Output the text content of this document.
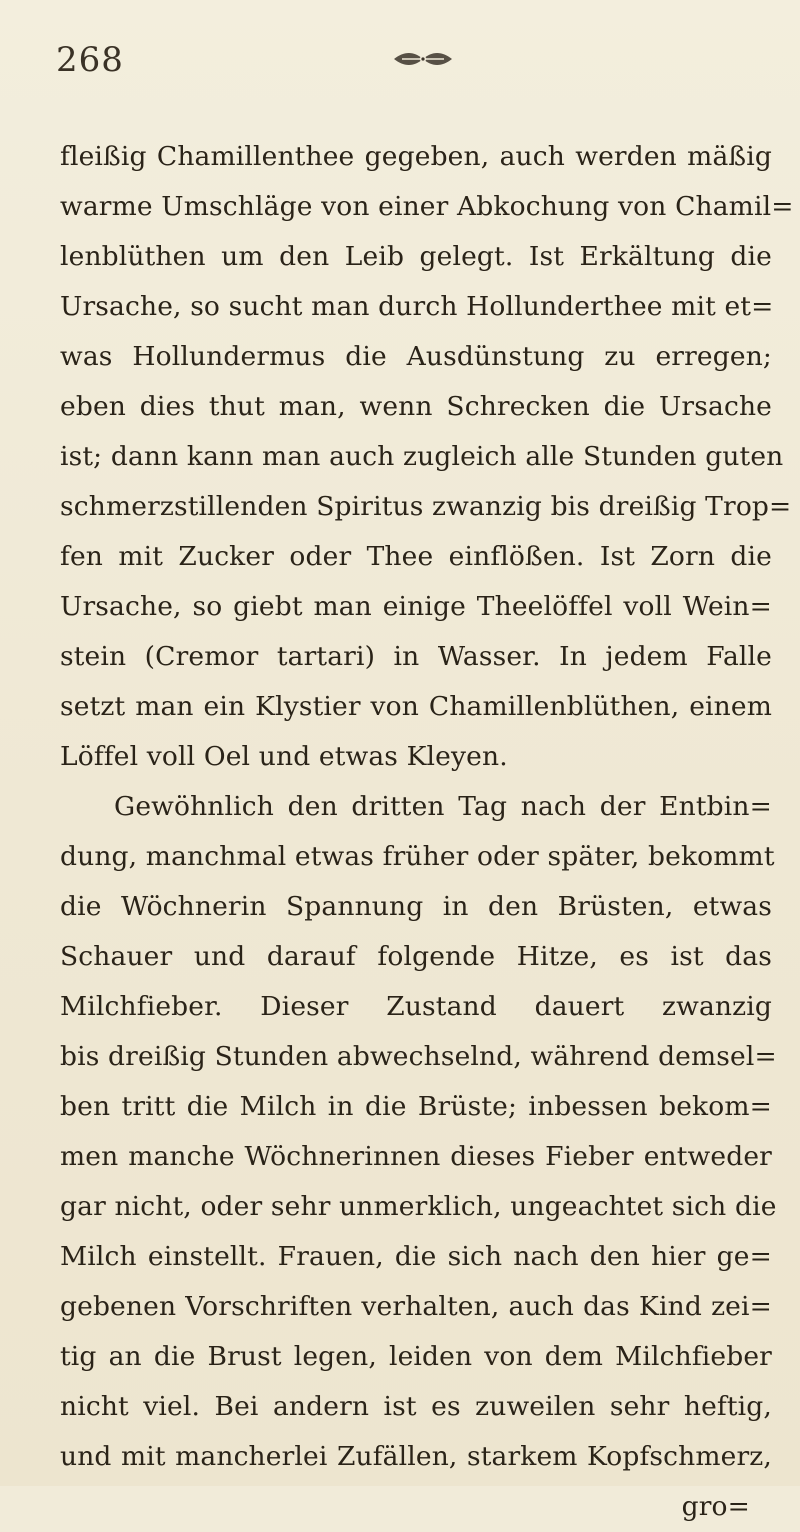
268
fleißig Chamillenthee gegeben, auch werden mäßig
warme Umschläge von einer Abkochung von Chamil=
lenblüthen um den Leib gelegt. Ist Erkältung die
Ursache, so sucht man durch Hollunderthee mit et=
was Hollundermus die Ausdünstung zu erregen;
eben dies thut man, wenn Schrecken die Ursache
ist; dann kann man auch zugleich alle Stunden guten
schmerzstillenden Spiritus zwanzig bis dreißig Trop=
fen mit Zucker oder Thee einflößen. Ist Zorn die
Ursache, so giebt man einige Theelöffel voll Wein=
stein (Cremor tartari) in Wasser. In jedem Falle
setzt man ein Klystier von Chamillenblüthen, einem
Löffel voll Oel und etwas Kleyen.
Gewöhnlich den dritten Tag nach der Entbin=
dung, manchmal etwas früher oder später, bekommt
die Wöchnerin Spannung in den Brüsten, etwas
Schauer und darauf folgende Hitze, es ist das
Milchfieber. Dieser Zustand dauert zwanzig
bis dreißig Stunden abwechselnd, während demsel=
ben tritt die Milch in die Brüste; inbessen bekom=
men manche Wöchnerinnen dieses Fieber entweder
gar nicht, oder sehr unmerklich, ungeachtet sich die
Milch einstellt. Frauen, die sich nach den hier ge=
gebenen Vorschriften verhalten, auch das Kind zei=
tig an die Brust legen, leiden von dem Milchfieber
nicht viel. Bei andern ist es zuweilen sehr heftig,
und mit mancherlei Zufällen, starkem Kopfschmerz,
gro=
